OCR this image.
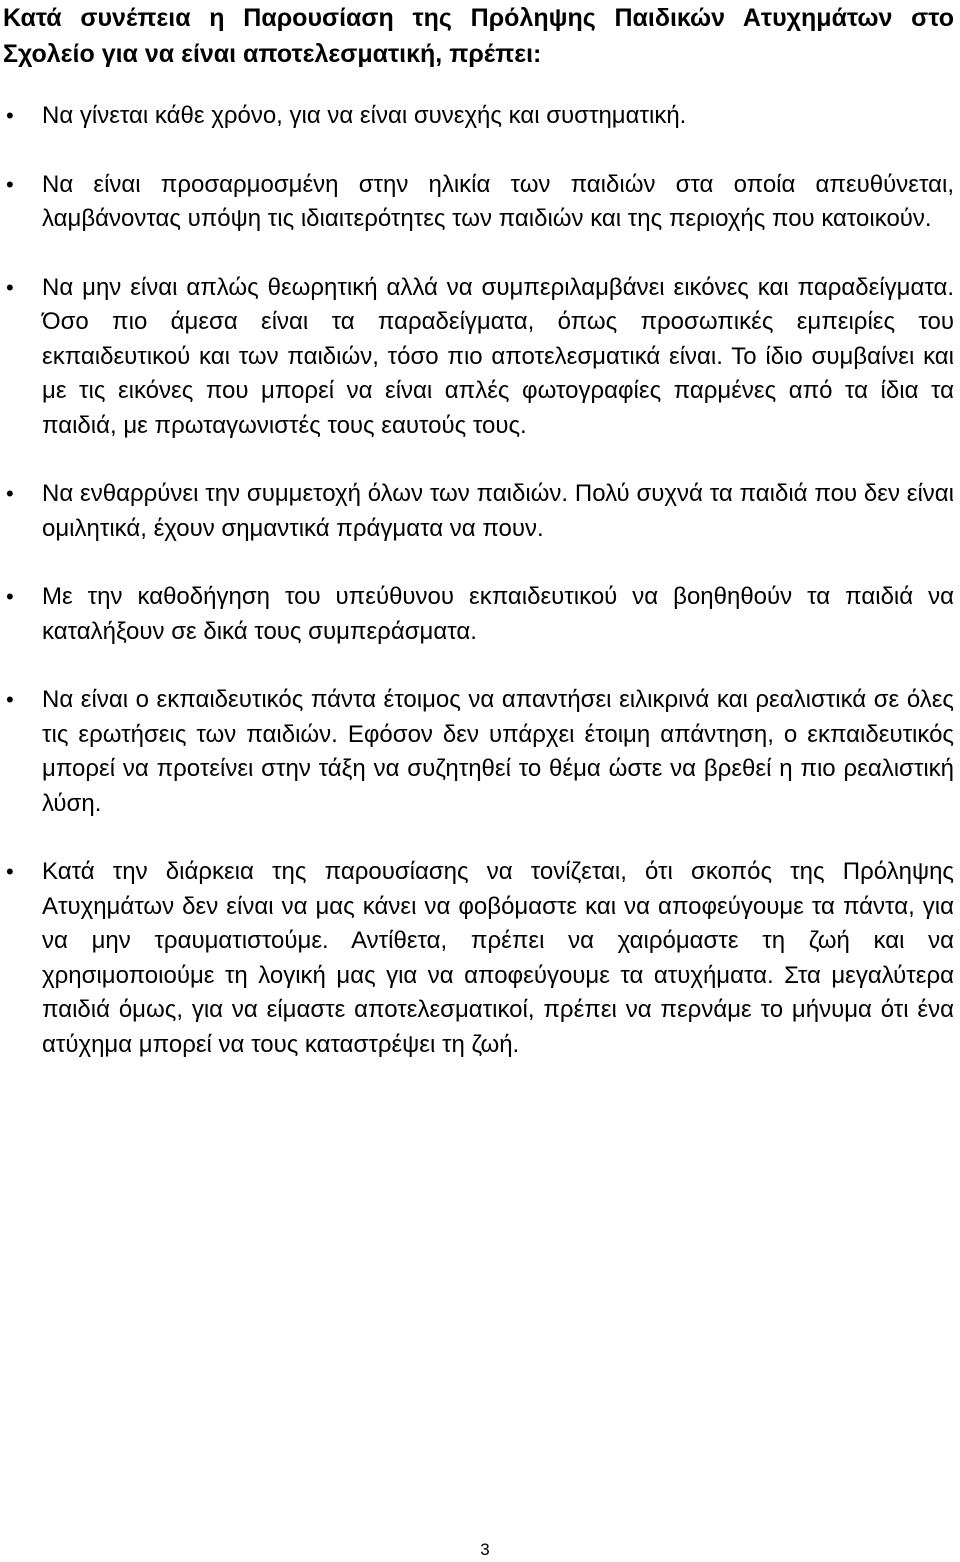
Κατά συνέπεια η Παρουσίαση της Πρόληψης Παιδικών Ατυχημάτων στο Σχολείο για να είναι αποτελεσματική, πρέπει:

•	Να γίνεται κάθε χρόνο, για να είναι συνεχής και συστηματική.
•	Να είναι προσαρμοσμένη στην ηλικία των παιδιών στα οποία απευθύνεται, λαμβάνοντας υπόψη τις ιδιαιτερότητες των παιδιών και της περιοχής που κατοικούν.
•	Να μην είναι απλώς θεωρητική αλλά να συμπεριλαμβάνει εικόνες και παραδείγματα. Όσο πιο άμεσα είναι τα παραδείγματα, όπως προσωπικές εμπειρίες του εκπαιδευτικού και των παιδιών, τόσο πιο αποτελεσματικά είναι. Το ίδιο συμβαίνει και με τις εικόνες που μπορεί να είναι απλές φωτογραφίες παρμένες από τα ίδια τα παιδιά, με πρωταγωνιστές τους εαυτούς τους.
•	Να ενθαρρύνει την συμμετοχή όλων των παιδιών. Πολύ συχνά τα παιδιά που δεν είναι ομιλητικά, έχουν σημαντικά πράγματα να πουν.
•	Με την καθοδήγηση του υπεύθυνου εκπαιδευτικού να βοηθηθούν τα παιδιά να καταλήξουν σε δικά τους συμπεράσματα.
•	Να είναι ο εκπαιδευτικός πάντα έτοιμος να απαντήσει ειλικρινά και ρεαλιστικά σε όλες τις ερωτήσεις των παιδιών. Εφόσον δεν υπάρχει έτοιμη απάντηση, ο εκπαιδευτικός μπορεί να προτείνει στην τάξη να συζητηθεί το θέμα ώστε να βρεθεί η πιο ρεαλιστική λύση.
•	Κατά την διάρκεια της παρουσίασης να τονίζεται, ότι σκοπός της Πρόληψης Ατυχημάτων δεν είναι να μας κάνει να φοβόμαστε και να αποφεύγουμε τα πάντα, για να μην τραυματιστούμε. Αντίθετα, πρέπει να χαιρόμαστε τη ζωή και να χρησιμοποιούμε τη λογική μας για να αποφεύγουμε τα ατυχήματα. Στα μεγαλύτερα παιδιά όμως, για να είμαστε αποτελεσματικοί, πρέπει να περνάμε το μήνυμα ότι ένα ατύχημα μπορεί να τους καταστρέψει τη ζωή.
3
